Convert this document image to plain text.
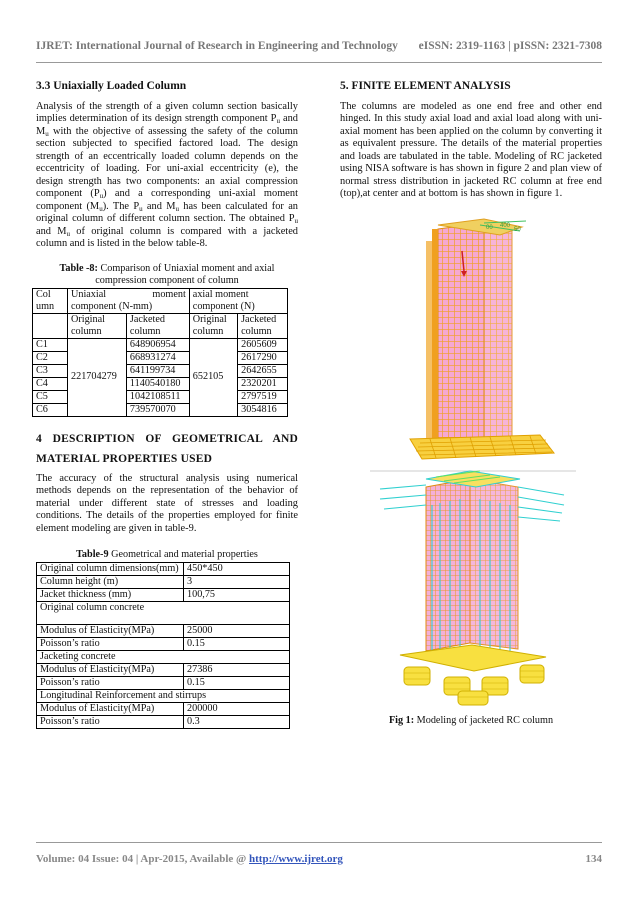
IJRET: International Journal of Research in Engineering and Technology eISSN: 2319-1163 | pISSN: 2321-7308
3.3 Uniaxially Loaded Column

Analysis of the strength of a given column section basically implies determination of its design strength component $P_u$ and $M_u$ with the objective of assessing the safety of the column section subjected to specified factored load. The design strength of an eccentrically loaded column depends on the eccentricity of loading. For uni-axial eccentricity (e), the design strength has two components: an axial compression component $(P_u)$ and a corresponding uni-axial moment component $(M_u)$. The $P_u$ and $M_u$ has been calculated for an original column of different column section. The obtained $P_u$ and $M_u$ of original column is compared with a jacketed column and is listed in the below table-8.

Table -8: Comparison of Uniaxial moment and axial compression component of column

Col umn	Uniaxial moment component (N-mm)		axial moment component (N)	
	Original column	Jacketed column	Original column	Jacketed column
C1	221704279	648906954	652105	2605609
C2		668931274		2617290
C3		641199734		2642655
C4		1140540180		2320201
C5		1042108511		2797519
C6		739570070		3054816

4 DESCRIPTION OF GEOMETRICAL AND

MATERIAL PROPERTIES USED

The accuracy of the structural analysis using numerical methods depends on the representation of the behavior of material under different state of stresses and loading conditions. The details of the properties employed for finite element modeling are given in table-9.

Table-9 Geometrical and material properties

Original column dimensions(mm)	450*450
Column height (m)	3
Jacket thickness (mm)	100,75
Original column concrete	
Modulus of Elasticity(MPa)	25000
Poisson’s ratio	0.15
Jacketing concrete	
Modulus of Elasticity(MPa)	27386
Poisson’s ratio	0.15
Longitudinal Reinforcement and stirrups	
Modulus of Elasticity(MPa)	200000
Poisson’s ratio	0.3
5. FINITE ELEMENT ANALYSIS

The columns are modeled as one end free and other end hinged. In this study axial load and axial load along with uni-axial moment has been applied on the column by converting it as equivalent pressure. The details of the material properties and loads are tabulated in the table. Modeling of RC jacketed using NISA software is has shown in figure 2 and plan view of normal stress distribution in jacketed RC column at free end (top),at center and at bottom is has shown in figure 1.

00 400
50

Fig 1: Modeling of jacketed RC column

Volume: 04 Issue: 04 | Apr-2015, Available @ http://www.ijret.org	134
